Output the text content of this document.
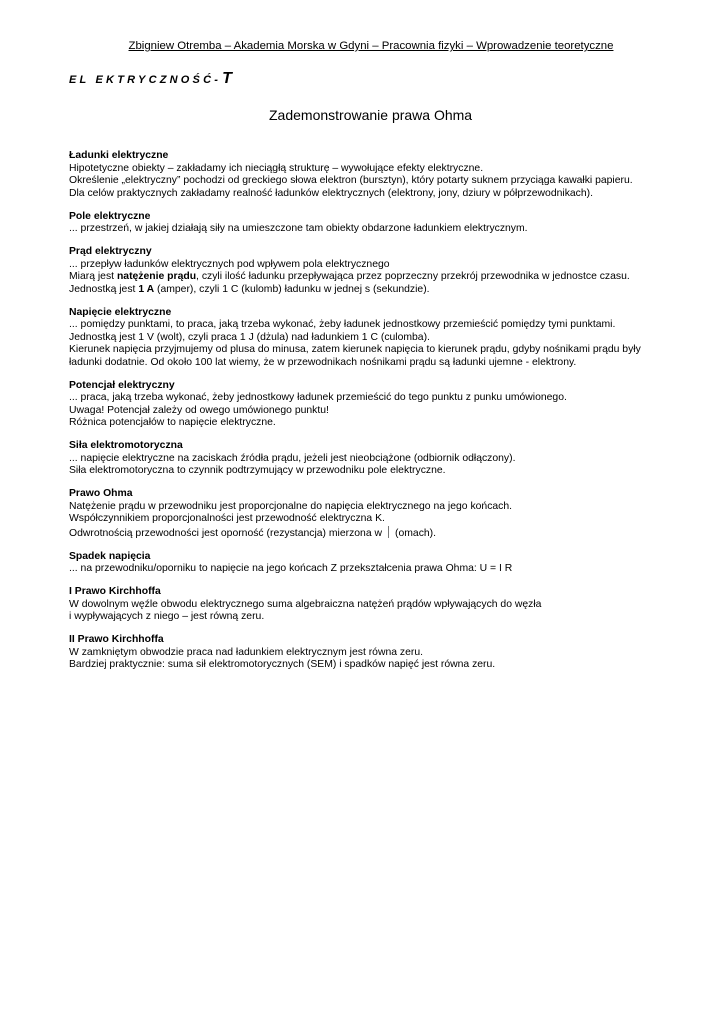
Zbigniew Otremba – Akademia Morska w Gdyni – Pracownia fizyki – Wprowadzenie teoretyczne
EL EKTRYCZNOŚĆ-T
Zademonstrowanie prawa Ohma
Ładunki elektryczne

Hipotetyczne obiekty – zakładamy ich nieciągłą strukturę – wywołujące efekty elektryczne.

Określenie „elektryczny” pochodzi od greckiego słowa elektron (bursztyn), który potarty suknem przyciąga kawałki papieru.

Dla celów praktycznych zakładamy realność ładunków elektrycznych (elektrony, jony, dziury w półprzewodnikach).

Pole elektryczne

... przestrzeń, w jakiej działają siły na umieszczone tam obiekty obdarzone ładunkiem elektrycznym.

Prąd elektryczny

... przepływ ładunków elektrycznych pod wpływem pola elektrycznego

Miarą jest natężenie prądu, czyli ilość ładunku przepływająca przez poprzeczny przekrój przewodnika w jednostce czasu.

Jednostką jest 1 A (amper), czyli 1 C (kulomb) ładunku w jednej s (sekundzie).

Napięcie elektryczne

... pomiędzy punktami, to praca, jaką trzeba wykonać, żeby ładunek jednostkowy przemieścić pomiędzy tymi punktami.

Jednostką jest 1 V (wolt), czyli praca 1 J (dżula) nad ładunkiem 1 C (culomba).

Kierunek napięcia przyjmujemy od plusa do minusa, zatem kierunek napięcia to kierunek prądu, gdyby nośnikami prądu były

ładunki dodatnie. Od około 100 lat wiemy, że w przewodnikach nośnikami prądu są ładunki ujemne - elektrony.

Potencjał elektryczny

... praca, jaką trzeba wykonać, żeby jednostkowy ładunek przemieścić do tego punktu z punku umówionego.

Uwaga! Potencjał zależy od owego umówionego punktu!

Różnica potencjałów to napięcie elektryczne.

Siła elektromotoryczna

... napięcie elektryczne na zaciskach źródła prądu, jeżeli jest nieobciążone (odbiornik odłączony).

Siła elektromotoryczna to czynnik podtrzymujący w przewodniku pole elektryczne.

Prawo Ohma

Natężenie prądu w przewodniku jest proporcjonalne do napięcia elektrycznego na jego końcach.

Współczynnikiem proporcjonalności jest przewodność elektryczna K.

Odwrotnością przewodności jest oporność (rezystancja) mierzona w (omach).

Spadek napięcia

... na przewodniku/oporniku to napięcie na jego końcach Z przekształcenia prawa Ohma: U = I R

I Prawo Kirchhoffa

W dowolnym węźle obwodu elektrycznego suma algebraiczna natężeń prądów wpływających do węzła

i wypływających z niego – jest równą zeru.

II Prawo Kirchhoffa

W zamkniętym obwodzie praca nad ładunkiem elektrycznym jest równa zeru.

Bardziej praktycznie: suma sił elektromotorycznych (SEM) i spadków napięć jest równa zeru.
